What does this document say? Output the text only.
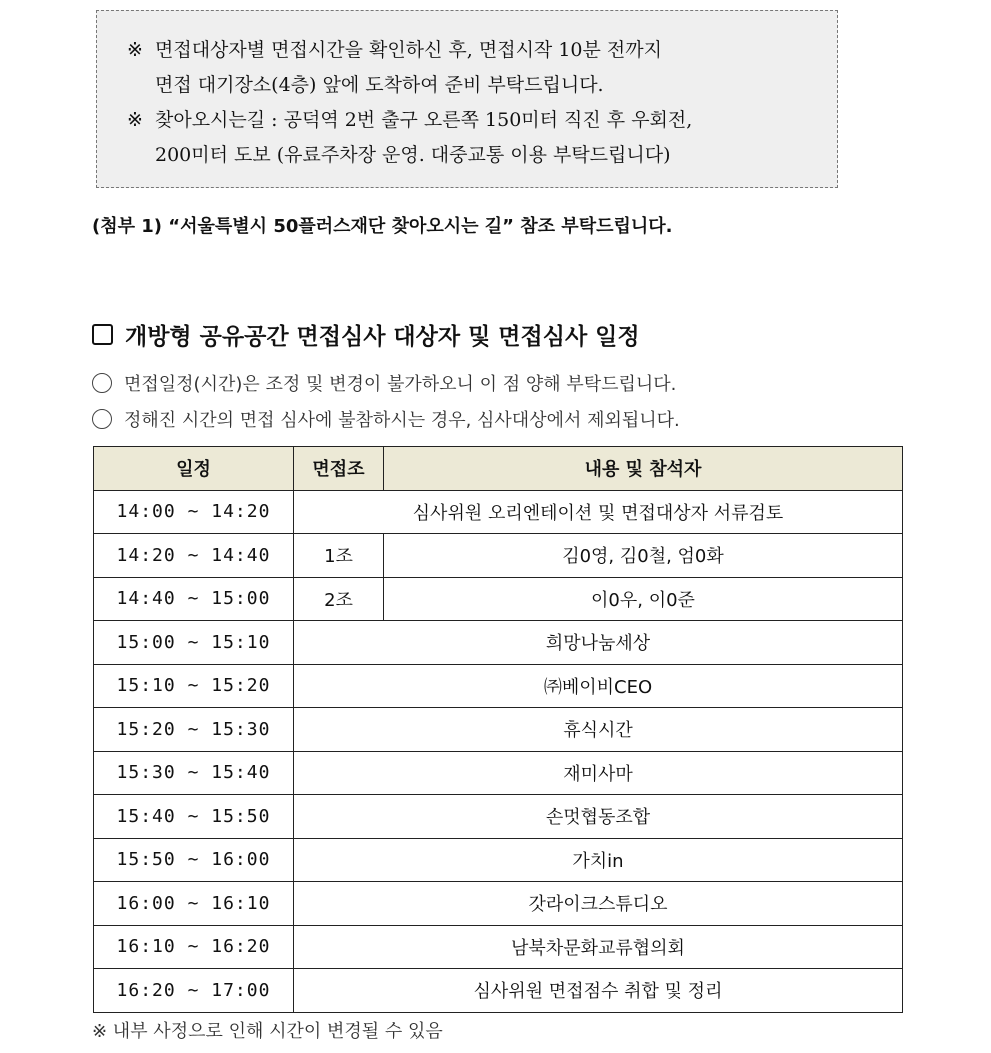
※ 면접대상자별 면접시간을 확인하신 후, 면접시작 10분 전까지
면접 대기장소(4층) 앞에 도착하여 준비 부탁드립니다.
※ 찾아오시는길 : 공덕역 2번 출구 오른쪽 150미터 직진 후 우회전,
200미터 도보 (유료주차장 운영. 대중교통 이용 부탁드립니다)
(첨부 1) “서울특별시 50플러스재단 찾아오시는 길” 참조 부탁드립니다.
개방형 공유공간 면접심사 대상자 및 면접심사 일정
면접일정(시간)은 조정 및 변경이 불가하오니 이 점 양해 부탁드립니다.
정해진 시간의 면접 심사에 불참하시는 경우, 심사대상에서 제외됩니다.
일정	면접조	내용 및 참석자
14:00 ~ 14:20	심사위원 오리엔테이션 및 면접대상자 서류검토	
14:20 ~ 14:40	1조	김0영, 김0철, 엄0화
14:40 ~ 15:00	2조	이0우, 이0준
15:00 ~ 15:10	희망나눔세상	
15:10 ~ 15:20	㈜베이비CEO	
15:20 ~ 15:30	휴식시간	
15:30 ~ 15:40	재미사마	
15:40 ~ 15:50	손멋협동조합	
15:50 ~ 16:00	가치in	
16:00 ~ 16:10	갓라이크스튜디오	
16:10 ~ 16:20	남북차문화교류협의회	
16:20 ~ 17:00	심사위원 면접점수 취합 및 정리	
※ 내부 사정으로 인해 시간이 변경될 수 있음
